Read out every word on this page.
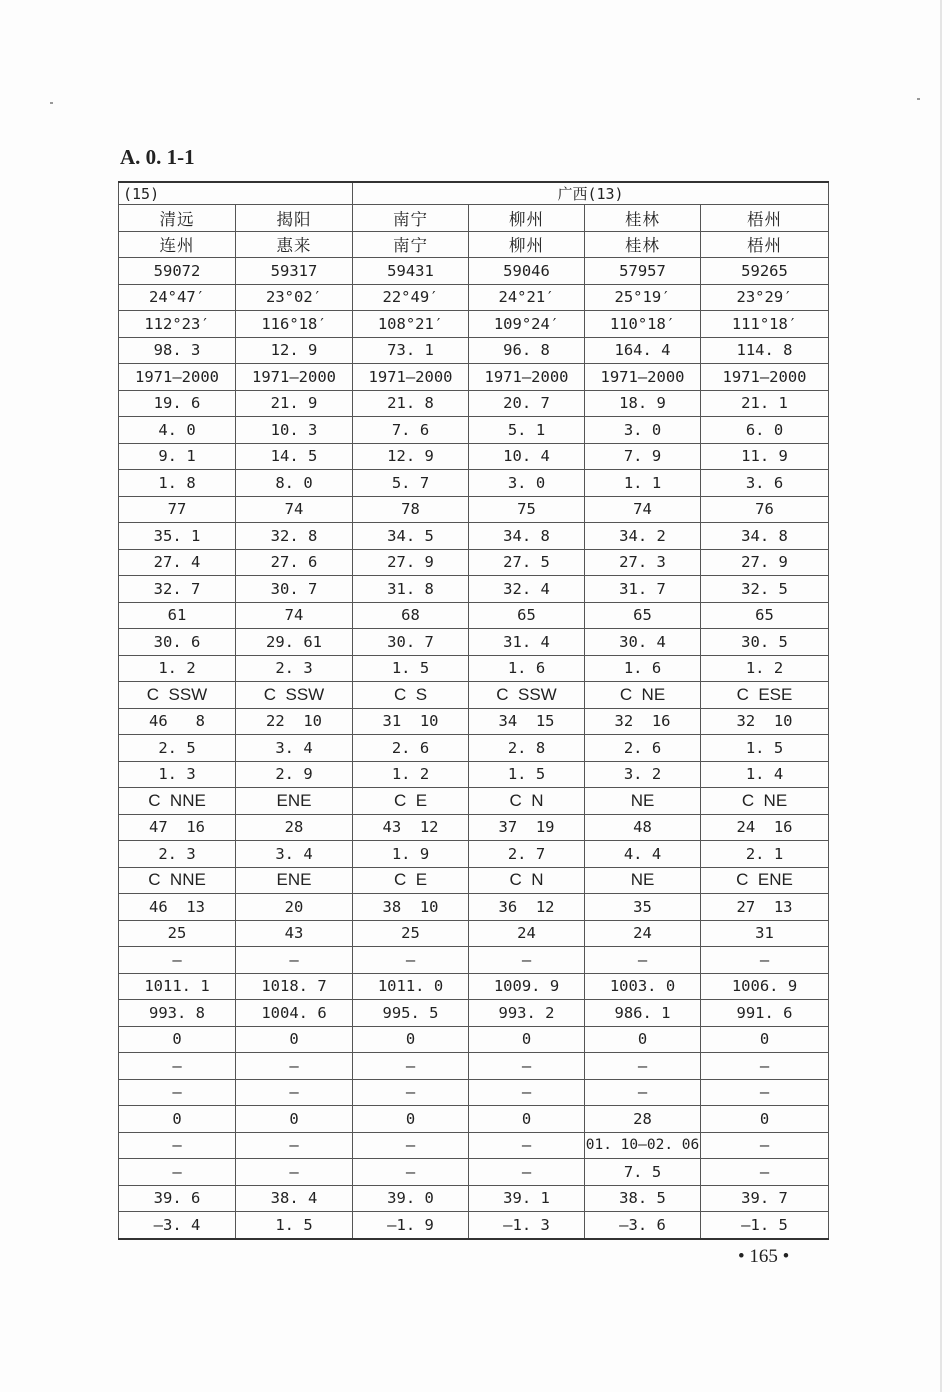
A. 0. 1-1
(15)		广西(13)			
清远	揭阳	南宁	柳州	桂林	梧州
连州	惠来	南宁	柳州	桂林	梧州
59072	59317	59431	59046	57957	59265
24°47′	23°02′	22°49′	24°21′	25°19′	23°29′
112°23′	116°18′	108°21′	109°24′	110°18′	111°18′
98. 3	12. 9	73. 1	96. 8	164. 4	114. 8
1971—2000	1971—2000	1971—2000	1971—2000	1971—2000	1971—2000
19. 6	21. 9	21. 8	20. 7	18. 9	21. 1
4. 0	10. 3	7. 6	5. 1	3. 0	6. 0
9. 1	14. 5	12. 9	10. 4	7. 9	11. 9
1. 8	8. 0	5. 7	3. 0	1. 1	3. 6
77	74	78	75	74	76
35. 1	32. 8	34. 5	34. 8	34. 2	34. 8
27. 4	27. 6	27. 9	27. 5	27. 3	27. 9
32. 7	30. 7	31. 8	32. 4	31. 7	32. 5
61	74	68	65	65	65
30. 6	29. 61	30. 7	31. 4	30. 4	30. 5
1. 2	2. 3	1. 5	1. 6	1. 6	1. 2
C  SSW	C  SSW	C  S	C  SSW	C  NE	C  ESE
46   8	22  10	31  10	34  15	32  16	32  10
2. 5	3. 4	2. 6	2. 8	2. 6	1. 5
1. 3	2. 9	1. 2	1. 5	3. 2	1. 4
C  NNE	ENE	C  E	C  N	NE	C  NE
47  16	28	43  12	37  19	48	24  16
2. 3	3. 4	1. 9	2. 7	4. 4	2. 1
C  NNE	ENE	C  E	C  N	NE	C  ENE
46  13	20	38  10	36  12	35	27  13
25	43	25	24	24	31
—	—	—	—	—	—
1011. 1	1018. 7	1011. 0	1009. 9	1003. 0	1006. 9
993. 8	1004. 6	995. 5	993. 2	986. 1	991. 6
0	0	0	0	0	0
—	—	—	—	—	—
—	—	—	—	—	—
0	0	0	0	28	0
—	—	—	—	01. 10—02. 06	—
—	—	—	—	7. 5	—
39. 6	38. 4	39. 0	39. 1	38. 5	39. 7
—3. 4	1. 5	—1. 9	—1. 3	—3. 6	—1. 5
• 165 •
